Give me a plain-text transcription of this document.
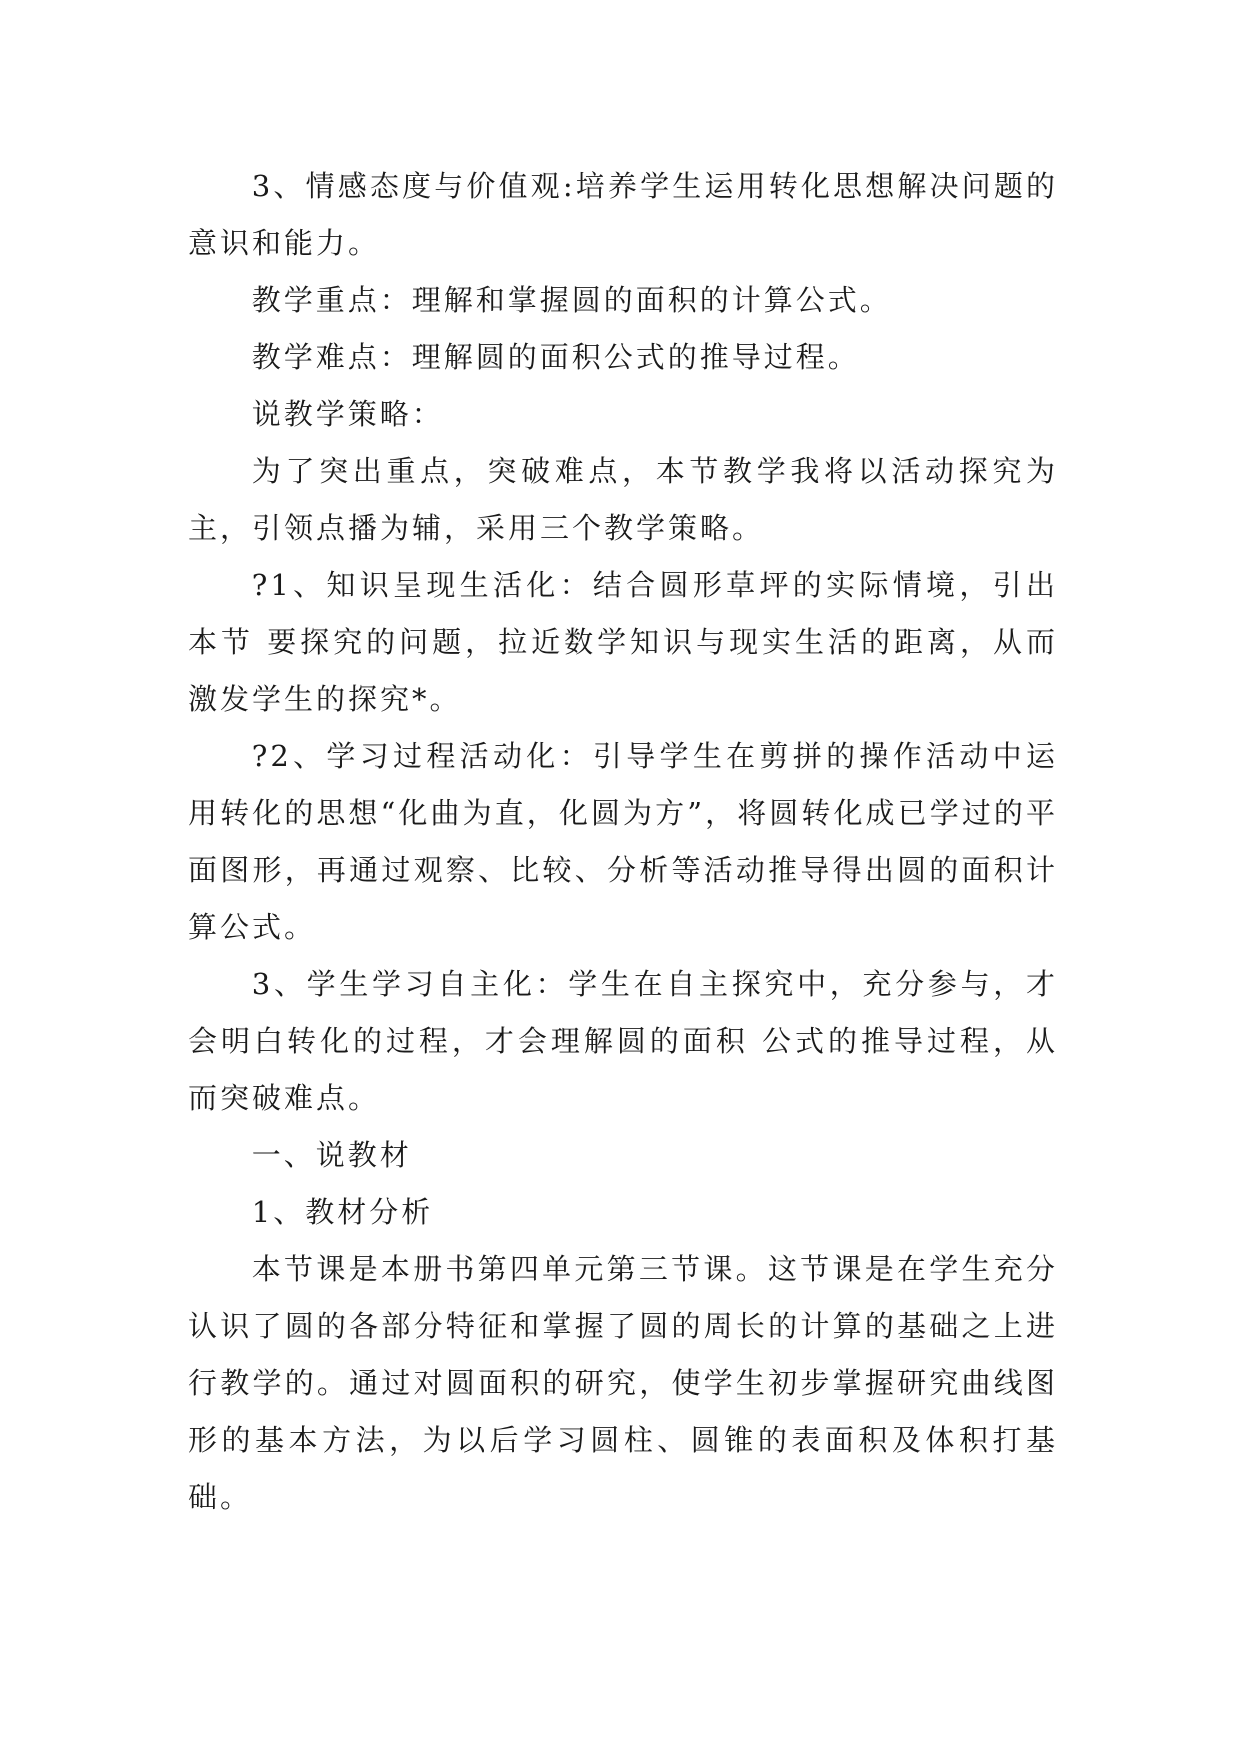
3、情感态度与价值观:培养学生运用转化思想解决问题的意识和能力。

教学重点：理解和掌握圆的面积的计算公式。

教学难点：理解圆的面积公式的推导过程。

说教学策略：

为了突出重点，突破难点，本节教学我将以活动探究为主，引领点播为辅，采用三个教学策略。

?1、知识呈现生活化：结合圆形草坪的实际情境，引出本节 要探究的问题，拉近数学知识与现实生活的距离，从而激发学生的探究*。

?2、学习过程活动化：引导学生在剪拼的操作活动中运用转化的思想“化曲为直，化圆为方”，将圆转化成已学过的平面图形，再通过观察、比较、分析等活动推导得出圆的面积计算公式。

3、学生学习自主化：学生在自主探究中，充分参与，才会明白转化的过程，才会理解圆的面积 公式的推导过程，从而突破难点。

一、说教材

1、教材分析

本节课是本册书第四单元第三节课。这节课是在学生充分认识了圆的各部分特征和掌握了圆的周长的计算的基础之上进行教学的。通过对圆面积的研究，使学生初步掌握研究曲线图形的基本方法，为以后学习圆柱、圆锥的表面积及体积打基础。
